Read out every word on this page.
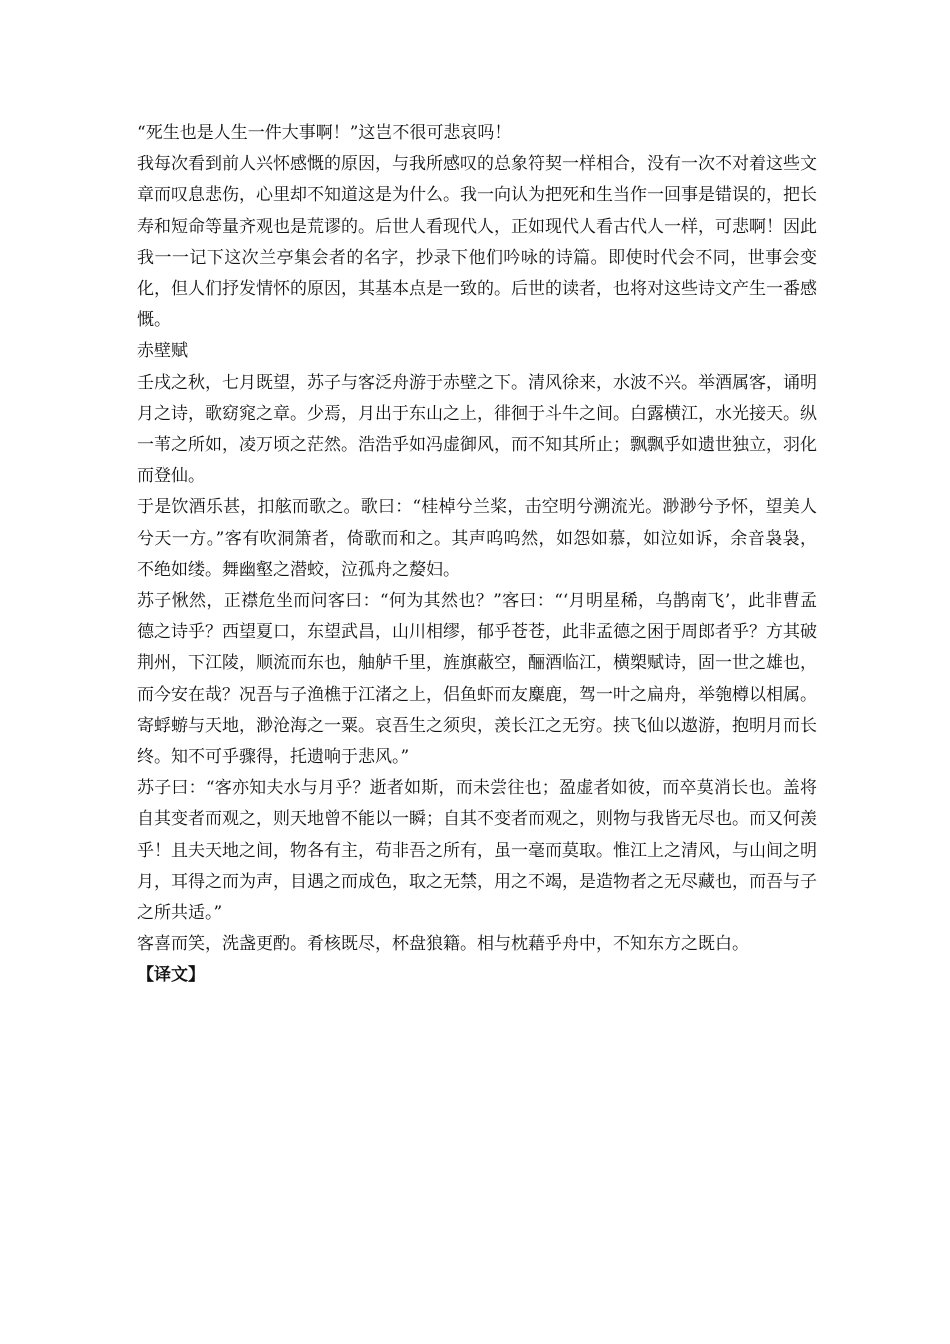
“死生也是人生一件大事啊！”这岂不很可悲哀吗！

我每次看到前人兴怀感慨的原因，与我所感叹的总象符契一样相合，没有一次不对着这些文章而叹息悲伤，心里却不知道这是为什么。我一向认为把死和生当作一回事是错误的，把长寿和短命等量齐观也是荒谬的。后世人看现代人，正如现代人看古代人一样，可悲啊！因此我一一记下这次兰亭集会者的名字，抄录下他们吟咏的诗篇。即使时代会不同，世事会变化，但人们抒发情怀的原因，其基本点是一致的。后世的读者，也将对这些诗文产生一番感慨。

赤壁赋

壬戌之秋，七月既望，苏子与客泛舟游于赤壁之下。清风徐来，水波不兴。举酒属客，诵明月之诗，歌窈窕之章。少焉，月出于东山之上，徘徊于斗牛之间。白露横江，水光接天。纵一苇之所如，凌万顷之茫然。浩浩乎如冯虚御风，而不知其所止；飘飘乎如遗世独立，羽化而登仙。

于是饮酒乐甚，扣舷而歌之。歌曰：“桂棹兮兰桨，击空明兮溯流光。渺渺兮予怀，望美人兮天一方。”客有吹洞箫者，倚歌而和之。其声呜呜然，如怨如慕，如泣如诉，余音袅袅，不绝如缕。舞幽壑之潜蛟，泣孤舟之嫠妇。

苏子愀然，正襟危坐而问客曰：“何为其然也？”客曰：“‘月明星稀，乌鹊南飞’，此非曹孟德之诗乎？西望夏口，东望武昌，山川相缪，郁乎苍苍，此非孟德之困于周郎者乎？方其破荆州，下江陵，顺流而东也，舳舻千里，旌旗蔽空，酾酒临江，横槊赋诗，固一世之雄也，而今安在哉？况吾与子渔樵于江渚之上，侣鱼虾而友麋鹿，驾一叶之扁舟，举匏樽以相属。寄蜉蝣与天地，渺沧海之一粟。哀吾生之须臾，羡长江之无穷。挟飞仙以遨游，抱明月而长终。知不可乎骤得，托遗响于悲风。”

苏子曰：“客亦知夫水与月乎？逝者如斯，而未尝往也；盈虚者如彼，而卒莫消长也。盖将自其变者而观之，则天地曾不能以一瞬；自其不变者而观之，则物与我皆无尽也。而又何羡乎！且夫天地之间，物各有主，苟非吾之所有，虽一毫而莫取。惟江上之清风，与山间之明月，耳得之而为声，目遇之而成色，取之无禁，用之不竭，是造物者之无尽藏也，而吾与子之所共适。”

客喜而笑，洗盏更酌。肴核既尽，杯盘狼籍。相与枕藉乎舟中，不知东方之既白。

【译文】
